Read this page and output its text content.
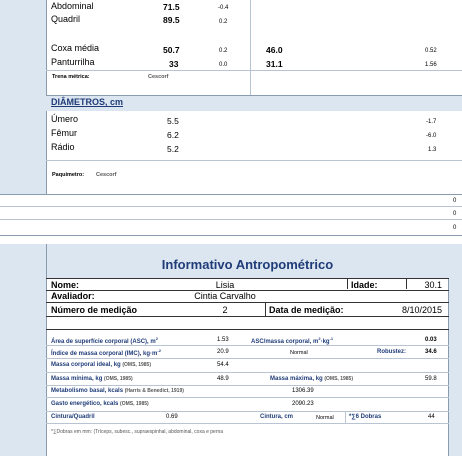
Abdominal	71.5	-0.4
Quadril	89.5	0.2
Coxa média	50.7	0.2	46.0	0.52
Panturrilha	33	0.0	31.1	1.56
Trena métrica:	Cescorf
DIÂMETROS, cm
Úmero	5.5	-1.7
Fêmur	6.2	-6.0
Rádio	5.2	1.3
Paquímetro: Cescorf
0
0
0
Informativo Antropométrico
Nome:	Lisia	Idade:	30.1
Avaliador:	Cintia Carvalho
Número de medição	2	Data de medição:	8/10/2015
Área de superfície corporal (ASC), $m^2$	1.53	ASC/massa corporal, $m^2\cdot kg^{-1}$	0.03
Índice de massa corporal (IMC), $kg\cdot m^{-2}$	20.9	Normal	Robustez:	34.6
Massa corporal ideal, kg (OMS, 1985)	54.4
Massa mínima, kg (OMS, 1985)	48.9	Massa máxima, kg (OMS, 1985)	59.8
Metabolismo basal, kcals (Harris & Benedict, 1919)	1306.39
Gasto energético, kcals (OMS, 1985)	2090.23
Cintura/Quadril	0.69	Cintura, cm	Normal	*∑6 Dobras	44
*∑Dobras em mm: (Tríceps, subesc., supraespinhal, abdominal, coxa e perna
